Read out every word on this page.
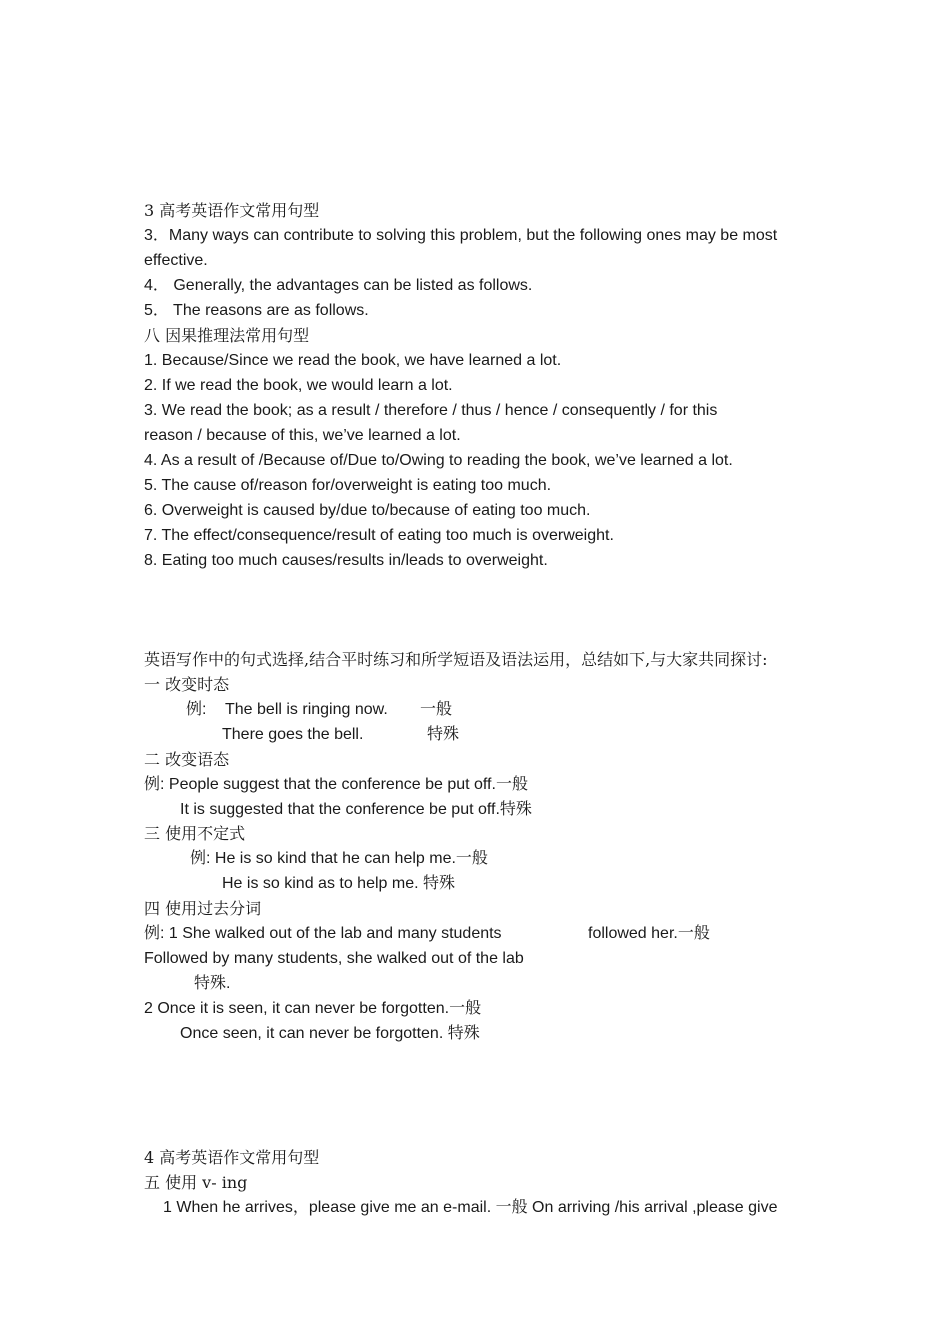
3 高考英语作文常用句型

3．Many ways can contribute to solving this problem, but the following ones may be most

effective.

4． Generally, the advantages can be listed as follows.

5． The reasons are as follows.

八 因果推理法常用句型

1. Because/Since we read the book, we have learned a lot.

2. If we read the book, we would learn a lot.

3. We read the book; as a result / therefore / thus / hence / consequently / for this

reason / because of this, we’ve learned a lot.

4. As a result of /Because of/Due to/Owing to reading the book, we’ve learned a lot.

5. The cause of/reason for/overweight is eating too much.

6. Overweight is caused by/due to/because of eating too much.

7. The effect/consequence/result of eating too much is overweight.

8. Eating too much causes/results in/leads to overweight.

英语写作中的句式选择,结合平时练习和所学短语及语法运用，总结如下,与大家共同探讨:

一 改变时态

例: The bell is ringing now. 一般

There goes the bell.	特殊

二 改变语态

例: People suggest that the conference be put off.一般

It is suggested that the conference be put off.特殊

三 使用不定式

例: He is so kind that he can help me.一般

He is so kind as to help me. 特殊

四 使用过去分词

例: 1 She walked out of the lab and many students	followed her.一般

Followed by many students, she walked out of the lab

特殊.

2 Once it is seen, it can never be forgotten.一般

Once seen, it can never be forgotten. 特殊

4 高考英语作文常用句型

五 使用 v- ing

1 When he arrives，please give me an e-mail. 一般 On arriving /his arrival ,please give
